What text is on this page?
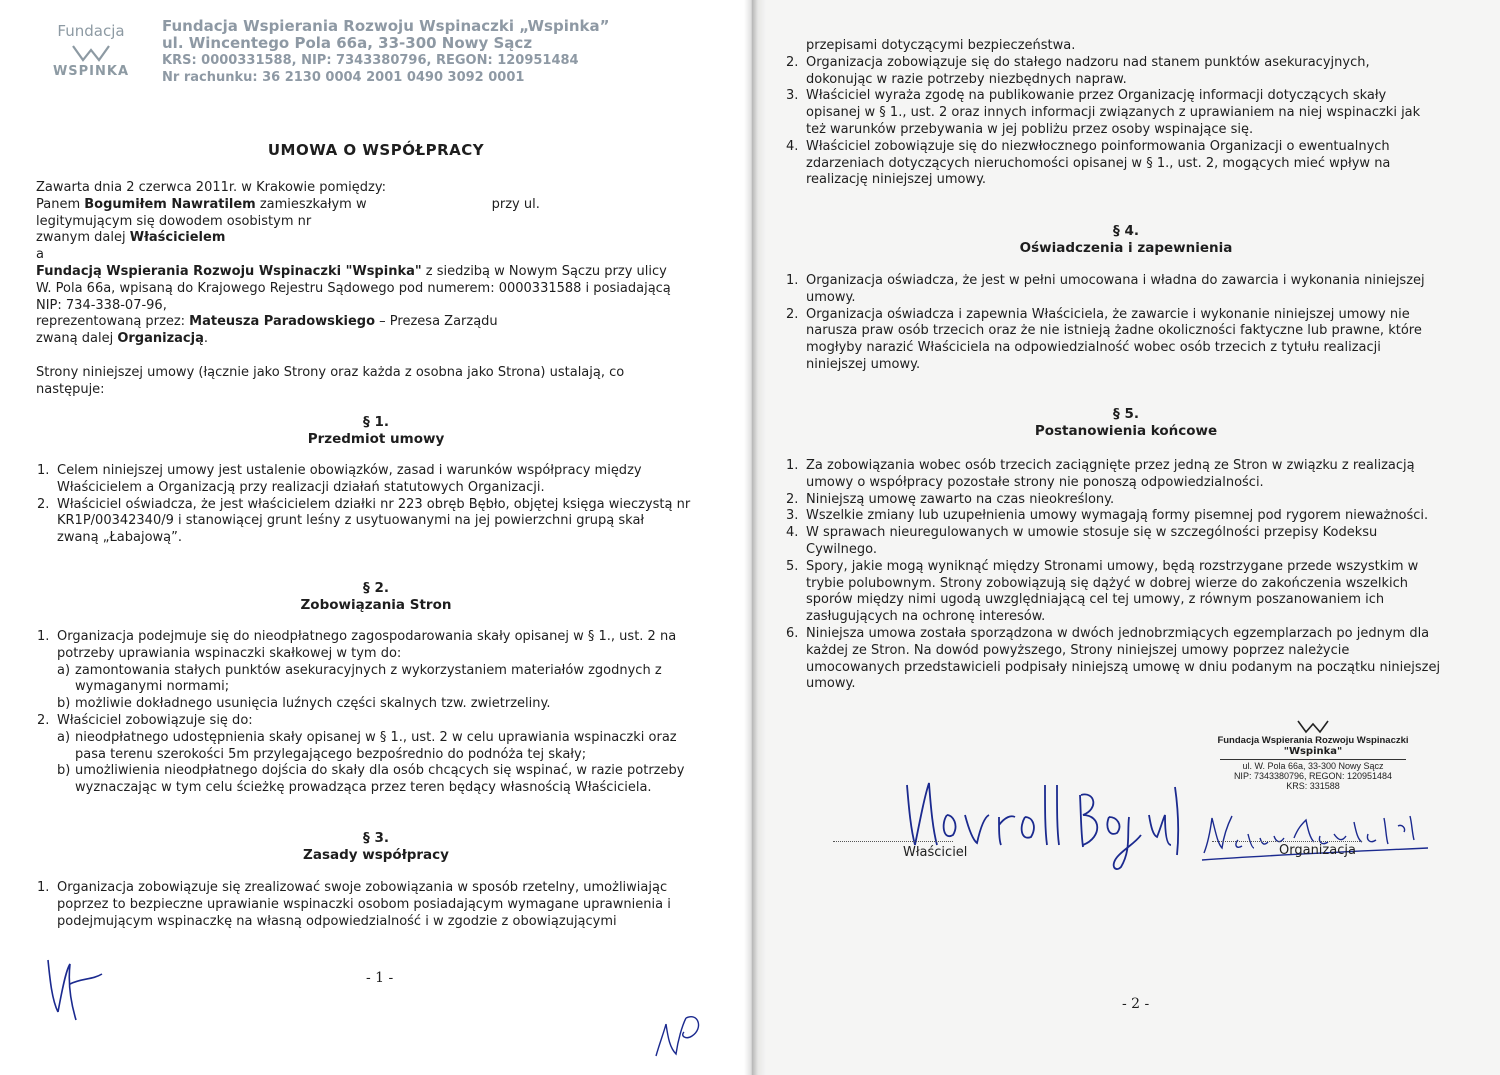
Fundacja
WSPINKA
Fundacja Wspierania Rozwoju Wspinaczki „Wspinka”
ul. Wincentego Pola 66a, 33-300 Nowy Sącz
KRS: 0000331588, NIP: 7343380796, REGON: 120951484
Nr rachunku: 36 2130 0004 2001 0490 3092 0001
UMOWA O WSPÓŁPRACY

Zawarta dnia 2 czerwca 2011r. w Krakowie pomiędzy:

Panem Bogumiłem Nawratilem zamieszkałym w	przy ul.

legitymującym się dowodem osobistym nr

zwanym dalej Właścicielem

a

Fundacją Wspierania Rozwoju Wspinaczki "Wspinka" z siedzibą w Nowym Sączu przy ulicy

W. Pola 66a, wpisaną do Krajowego Rejestru Sądowego pod numerem: 0000331588 i posiadającą

NIP: 734-338-07-96,

reprezentowaną przez: Mateusza Paradowskiego – Prezesa Zarządu

zwaną dalej Organizacją.

Strony niniejszej umowy (łącznie jako Strony oraz każda z osobna jako Strona) ustalają, co

następuje:

§ 1.

Przedmiot umowy

1. Celem niniejszej umowy jest ustalenie obowiązków, zasad i warunków współpracy między

Właścicielem a Organizacją przy realizacji działań statutowych Organizacji.

2. Właściciel oświadcza, że jest właścicielem działki nr 223 obręb Bębło, objętej księga wieczystą nr

KR1P/00342340/9 i stanowiącej grunt leśny z usytuowanymi na jej powierzchni grupą skał

zwaną „Łabajową”.

§ 2.

Zobowiązania Stron

1. Organizacja podejmuje się do nieodpłatnego zagospodarowania skały opisanej w § 1., ust. 2 na

potrzeby uprawiania wspinaczki skałkowej w tym do:

a) zamontowania stałych punktów asekuracyjnych z wykorzystaniem materiałów zgodnych z

wymaganymi normami;

b) możliwie dokładnego usunięcia luźnych części skalnych tzw. zwietrzeliny.

2. Właściciel zobowiązuje się do:

a) nieodpłatnego udostępnienia skały opisanej w § 1., ust. 2 w celu uprawiania wspinaczki oraz

pasa terenu szerokości 5m przylegającego bezpośrednio do podnóża tej skały;

b) umożliwienia nieodpłatnego dojścia do skały dla osób chcących się wspinać, w razie potrzeby

wyznaczając w tym celu ścieżkę prowadząca przez teren będący własnością Właściciela.

§ 3.

Zasady współpracy

1. Organizacja zobowiązuje się zrealizować swoje zobowiązania w sposób rzetelny, umożliwiając

poprzez to bezpieczne uprawianie wspinaczki osobom posiadającym wymagane uprawnienia i

podejmującym wspinaczkę na własną odpowiedzialność i w zgodzie z obowiązującymi

- 1 -

przepisami dotyczącymi bezpieczeństwa.

2. Organizacja zobowiązuje się do stałego nadzoru nad stanem punktów asekuracyjnych,

dokonując w razie potrzeby niezbędnych napraw.

3. Właściciel wyraża zgodę na publikowanie przez Organizację informacji dotyczących skały

opisanej w § 1., ust. 2 oraz innych informacji związanych z uprawianiem na niej wspinaczki jak

też warunków przebywania w jej pobliżu przez osoby wspinające się.

4. Właściciel zobowiązuje się do niezwłocznego poinformowania Organizacji o ewentualnych

zdarzeniach dotyczących nieruchomości opisanej w § 1., ust. 2, mogących mieć wpływ na

realizację niniejszej umowy.

§ 4.

Oświadczenia i zapewnienia

1. Organizacja oświadcza, że jest w pełni umocowana i władna do zawarcia i wykonania niniejszej

umowy.

2. Organizacja oświadcza i zapewnia Właściciela, że zawarcie i wykonanie niniejszej umowy nie

narusza praw osób trzecich oraz że nie istnieją żadne okoliczności faktyczne lub prawne, które

mogłyby narazić Właściciela na odpowiedzialność wobec osób trzecich z tytułu realizacji

niniejszej umowy.

§ 5.

Postanowienia końcowe

1. Za zobowiązania wobec osób trzecich zaciągnięte przez jedną ze Stron w związku z realizacją

umowy o współpracy pozostałe strony nie ponoszą odpowiedzialności.

2. Niniejszą umowę zawarto na czas nieokreślony.

3. Wszelkie zmiany lub uzupełnienia umowy wymagają formy pisemnej pod rygorem nieważności.

4. W sprawach nieuregulowanych w umowie stosuje się w szczególności przepisy Kodeksu

Cywilnego.

5. Spory, jakie mogą wyniknąć między Stronami umowy, będą rozstrzygane przede wszystkim w

trybie polubownym. Strony zobowiązują się dążyć w dobrej wierze do zakończenia wszelkich

sporów między nimi ugodą uwzględniającą cel tej umowy, z równym poszanowaniem ich

zasługujących na ochronę interesów.

6. Niniejsza umowa została sporządzona w dwóch jednobrzmiących egzemplarzach po jednym dla

każdej ze Stron. Na dowód powyższego, Strony niniejszej umowy poprzez należycie

umocowanych przedstawicieli podpisały niniejszą umowę w dniu podanym na początku niniejszej

umowy.

- 2 -
Fundacja Wspierania Rozwoju Wspinaczki
"Wspinka"
ul. W. Pola 66a, 33-300 Nowy Sącz
NIP: 7343380796, REGON: 120951484
KRS: 331588
Właściciel	Organizacja
